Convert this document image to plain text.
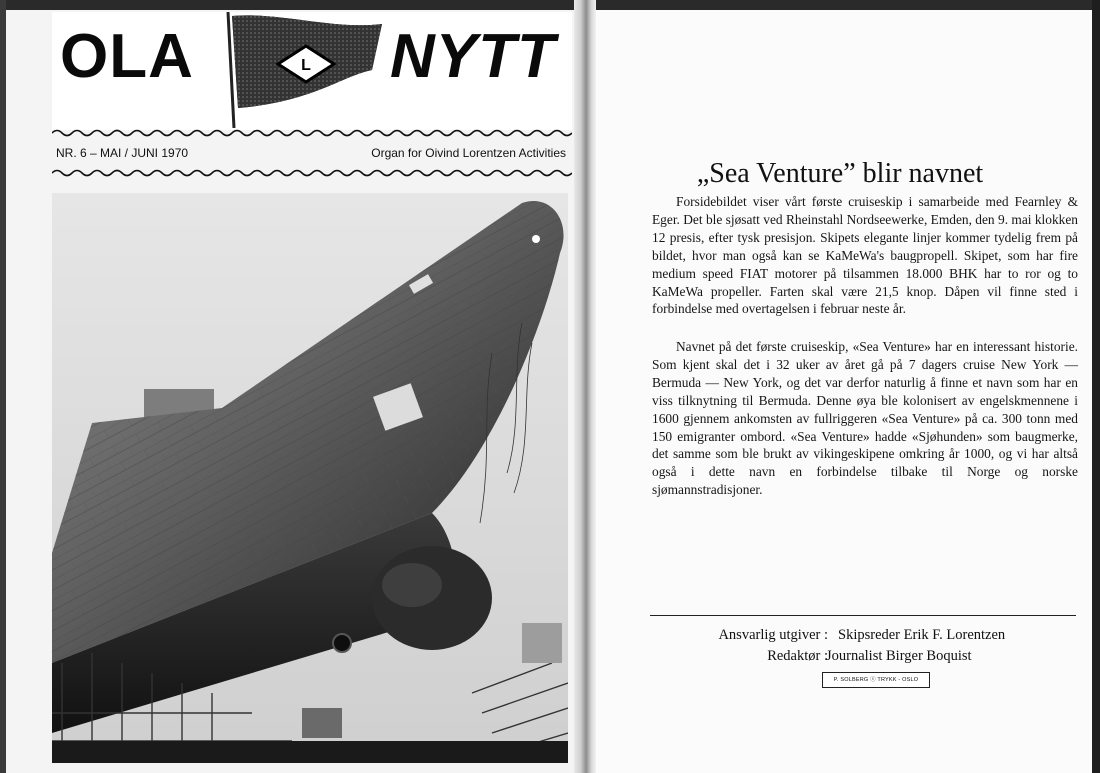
OLA	L NYTT
NR. 6 – MAI / JUNI 1970	Organ for Oivind Lorentzen Activities
„Sea Venture” blir navnet

Forsidebildet viser vårt første cruiseskip i samarbeide med Fearnley & Eger. Det ble sjøsatt ved Rheinstahl Nordseewerke, Emden, den 9. mai klokken 12 presis, efter tysk presisjon. Skipets elegante linjer kommer tydelig frem på bildet, hvor man også kan se KaMeWa's baugpropell. Skipet, som har fire medium speed FIAT motorer på tilsammen 18.000 BHK har to ror og to KaMeWa propeller. Farten skal være 21,5 knop. Dåpen vil finne sted i forbindelse med overtagelsen i februar neste år.

Navnet på det første cruiseskip, «Sea Venture» har en interessant historie. Som kjent skal det i 32 uker av året gå på 7 dagers cruise New York — Bermuda — New York, og det var derfor naturlig å finne et navn som har en viss tilknytning til Bermuda. Denne øya ble kolonisert av engelskmennene i 1600 gjennem ankomsten av fullriggeren «Sea Venture» på ca. 300 tonn med 150 emigranter ombord. «Sea Venture» hadde «Sjøhunden» som baugmerke, det samme som ble brukt av vikingeskipene omkring år 1000, og vi har altså også i dette navn en forbindelse tilbake til Norge og norske sjømannstradisjoner.

Ansvarlig utgiver : Skipsreder Erik F. Lorentzen
Redaktør :
Journalist Birger Boquist
P. SOLBERG ⓢ TRYKK - OSLO
